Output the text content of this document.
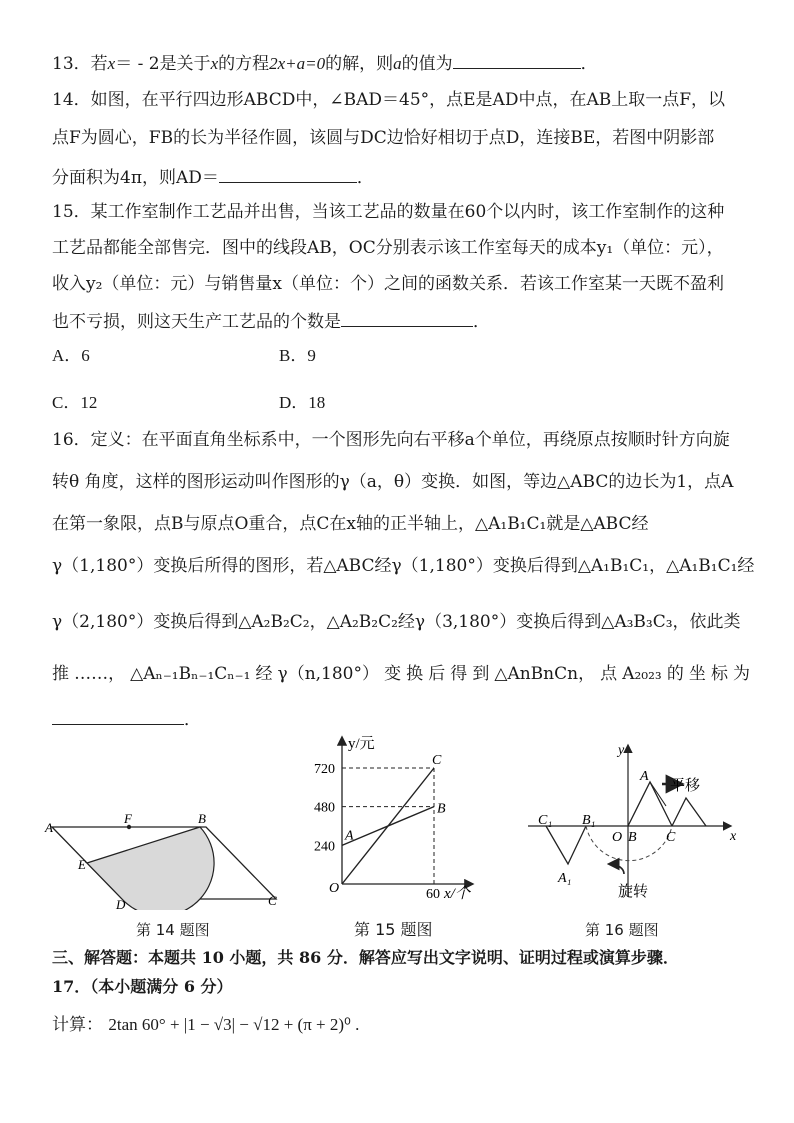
13．若x＝ - 2是关于x的方程2x+a=0的解，则a的值为	．
14．如图，在平行四边形ABCD中，∠BAD＝45°，点E是AD中点，在AB上取一点F，以
点F为圆心，FB的长为半径作圆，该圆与DC边恰好相切于点D，连接BE，若图中阴影部
分面积为4π，则AD＝	．
15．某工作室制作工艺品并出售，当该工艺品的数量在60个以内时，该工作室制作的这种
工艺品都能全部售完．图中的线段AB，OC分别表示该工作室每天的成本y₁（单位：元），
收入y₂（单位：元）与销售量x（单位：个）之间的函数关系．若该工作室某一天既不盈利
也不亏损，则这天生产工艺品的个数是	．
A．6	B．9
C．12	D．18
16．定义：在平面直角坐标系中，一个图形先向右平移a个单位，再绕原点按顺时针方向旋
转θ 角度，这样的图形运动叫作图形的γ（a，θ）变换．如图，等边△ABC的边长为1，点A
在第一象限，点B与原点O重合，点C在x轴的正半轴上，△A₁B₁C₁就是△ABC经
γ（1,180°）变换后所得的图形，若△ABC经γ（1,180°）变换后得到△A₁B₁C₁，△A₁B₁C₁经
γ（2,180°）变换后得到△A₂B₂C₂，△A₂B₂C₂经γ（3,180°）变换后得到△A₃B₃C₃，依此类
推 ……， △Aₙ₋₁Bₙ₋₁Cₙ₋₁ 经 γ（n,180°） 变 换 后 得 到 △AnBnCn， 点 A₂₀₂₃ 的 坐 标 为
．
A
F	B
E
D	C
第 14 题图
y/元
x/个
720
480
240
60
O
A
B
C
第 15 题图
y
x
平移
旋转
A
O B C
C₁ B₁
A₁
第 16 题图
三、解答题：本题共 10 小题，共 86 分．解答应写出文字说明、证明过程或演算步骤．
17．（本小题满分 6 分）
计算： 2tan 60° + |1 − √3| − √12 + (π + 2)⁰ .
